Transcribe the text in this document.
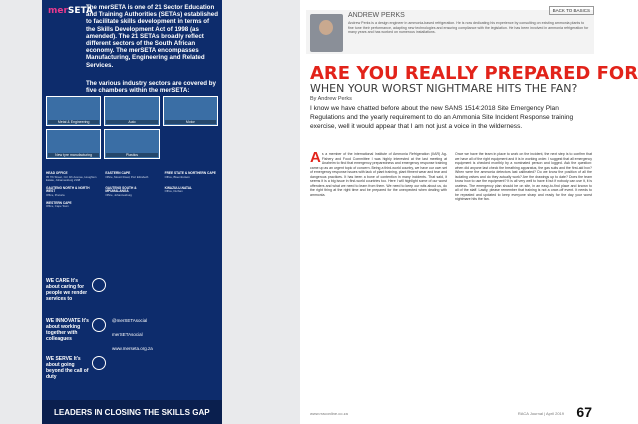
merSETA
The merSETA is one of 21 Sector Education and Training Authorities (SETAs) established to facilitate skills development in terms of the Skills Development Act of 1998 (as amended). The 21 SETAs broadly reflect different sectors of the South African economy. The merSETA encompasses Manufacturing, Engineering and Related Services.
The various industry sectors are covered by five chambers within the merSETA:
Metal & Engineering	Auto	Motor
New tyre manufacturing	Plastics
HEAD OFFICE
95 7th Street, Cnr 4th Avenue, Houghton Estate, Johannesburg 2198
EASTERN CAPE
Office, Mount Road, Port Elizabeth
FREE STATE & NORTHERN CAPE
Office, Bloemfontein
GAUTENG NORTH & NORTH WEST
Office, Pretoria
GAUTENG SOUTH & MPUMALANGA
Office, Johannesburg
KWAZULU-NATAL
Office, Durban
WESTERN CAPE
Office, Cape Town
WE CARE It's about caring for people we render services to
WE INNOVATE It's about working together with colleagues
WE SERVE It's about going beyond the call of duty
@merSETAsocial
merSETAsocial
www.merseta.org.za
LEADERS IN CLOSING THE SKILLS GAP
ANDREW PERKS
Andrew Perks is a design engineer in ammonia-based refrigeration. He is now dedicating his experience by consulting on existing ammonia plants to fine tune their performance, adapting new technologies and ensuring compliance with the legislation. He has been involved in ammonia refrigeration for many years and has worked on numerous installations.
BACK TO BASICS
ARE YOU REALLY PREPARED FOR
WHEN YOUR WORST NIGHTMARE HITS THE FAN?
By Andrew Perks
I know we have chatted before about the new SANS 1514:2018 Site Emergency Plan Regulations and the yearly requirement to do an Ammonia Site Incident Response training exercise, well it would appear that I am not just a voice in the wilderness.
A s a member of the international Institute of Ammonia Refrigeration (IIAR) Ag-Fishery and Food Committee I was highly interested at the last meeting at Anaheim to find that emergency preparedness and emergency response training came up as an urgent topic of concern. Being a third-world country, we have our own set of emergency response issues with lack of plant training, plant fitment wear and tear and dangerous practices. It has been a bone of contention in many incidents. That said, it seems it is a big issue in first-world countries too. Here I will highlight some of our worst offenders and what we need to learn from them. We need to keep our wits about us, do the right thing at the right time and be prepared for the unexpected when dealing with ammonia.

Once we have the team in place to work on the incident, the next step is to confirm that we have all of the right equipment and it is in working order. I suggest that all emergency equipment is checked monthly by a nominated person and logged. Ask the question: when did anyone last check the breathing apparatus, the gas suits and the first-aid box? When were the ammonia detectors last calibrated? Do we know the position of all the isolating valves and do they actually work? Are the drawings up to date? Does the team know how to use the equipment? It is all very well to have it but if nobody can use it, it is useless. The emergency plan should be on site, in an easy-to-find place and known to all of the staff. Lastly, please remember that training is not a once-off event. It needs to be repeated and updated to keep everyone sharp and ready for the day your worst nightmare hits the fan.

www.rraconline.co.za	RACA Journal | April 2019 67
